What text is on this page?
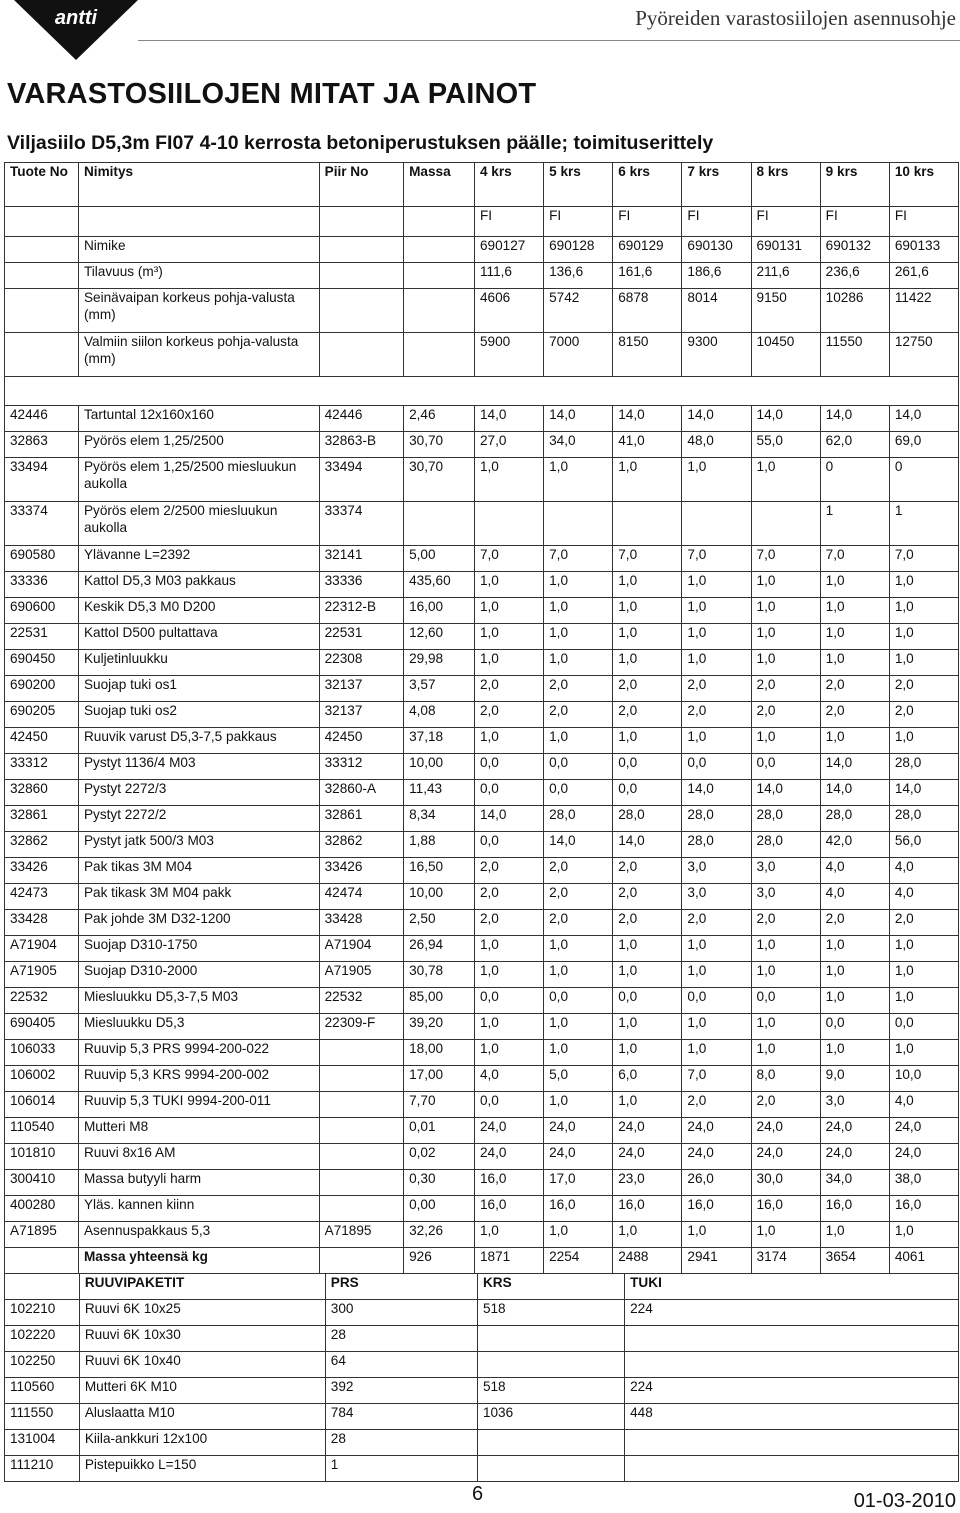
antti	Pyöreiden varastosiilojen asennusohje
VARASTOSIILOJEN MITAT JA PAINOT
Viljasiilo D5,3m FI07 4-10 kerrosta betoniperustuksen päälle; toimituserittely
Tuote No	Nimitys	Piir No	Massa	4 krs	5 krs	6 krs	7 krs	8 krs	9 krs	10 krs
				FI	FI	FI	FI	FI	FI	FI
	Nimike			690127	690128	690129	690130	690131	690132	690133
	Tilavuus (m³)			111,6	136,6	161,6	186,6	211,6	236,6	261,6
	Seinävaipan korkeus pohja-valusta (mm)			4606	5742	6878	8014	9150	10286	11422
	Valmiin siilon korkeus pohja-valusta (mm)			5900	7000	8150	9300	10450	11550	12750

42446	Tartuntal 12x160x160	42446	2,46	14,0	14,0	14,0	14,0	14,0	14,0	14,0
32863	Pyörös elem 1,25/2500	32863-B	30,70	27,0	34,0	41,0	48,0	55,0	62,0	69,0
33494	Pyörös elem 1,25/2500 miesluukun aukolla	33494	30,70	1,0	1,0	1,0	1,0	1,0	0	0
33374	Pyörös elem 2/2500 miesluukun aukolla	33374							1	1
690580	Ylävanne L=2392	32141	5,00	7,0	7,0	7,0	7,0	7,0	7,0	7,0
33336	Kattol D5,3 M03 pakkaus	33336	435,60	1,0	1,0	1,0	1,0	1,0	1,0	1,0
690600	Keskik D5,3 M0 D200	22312-B	16,00	1,0	1,0	1,0	1,0	1,0	1,0	1,0
22531	Kattol D500 pultattava	22531	12,60	1,0	1,0	1,0	1,0	1,0	1,0	1,0
690450	Kuljetinluukku	22308	29,98	1,0	1,0	1,0	1,0	1,0	1,0	1,0
690200	Suojap tuki os1	32137	3,57	2,0	2,0	2,0	2,0	2,0	2,0	2,0
690205	Suojap tuki os2	32137	4,08	2,0	2,0	2,0	2,0	2,0	2,0	2,0
42450	Ruuvik varust D5,3-7,5 pakkaus	42450	37,18	1,0	1,0	1,0	1,0	1,0	1,0	1,0
33312	Pystyt 1136/4 M03	33312	10,00	0,0	0,0	0,0	0,0	0,0	14,0	28,0
32860	Pystyt 2272/3	32860-A	11,43	0,0	0,0	0,0	14,0	14,0	14,0	14,0
32861	Pystyt 2272/2	32861	8,34	14,0	28,0	28,0	28,0	28,0	28,0	28,0
32862	Pystyt jatk 500/3 M03	32862	1,88	0,0	14,0	14,0	28,0	28,0	42,0	56,0
33426	Pak tikas 3M M04	33426	16,50	2,0	2,0	2,0	3,0	3,0	4,0	4,0
42473	Pak tikask 3M M04 pakk	42474	10,00	2,0	2,0	2,0	3,0	3,0	4,0	4,0
33428	Pak johde 3M D32-1200	33428	2,50	2,0	2,0	2,0	2,0	2,0	2,0	2,0
A71904	Suojap D310-1750	A71904	26,94	1,0	1,0	1,0	1,0	1,0	1,0	1,0
A71905	Suojap D310-2000	A71905	30,78	1,0	1,0	1,0	1,0	1,0	1,0	1,0
22532	Miesluukku D5,3-7,5 M03	22532	85,00	0,0	0,0	0,0	0,0	0,0	1,0	1,0
690405	Miesluukku D5,3	22309-F	39,20	1,0	1,0	1,0	1,0	1,0	0,0	0,0
106033	Ruuvip 5,3 PRS 9994-200-022		18,00	1,0	1,0	1,0	1,0	1,0	1,0	1,0
106002	Ruuvip 5,3 KRS 9994-200-002		17,00	4,0	5,0	6,0	7,0	8,0	9,0	10,0
106014	Ruuvip 5,3 TUKI 9994-200-011		7,70	0,0	1,0	1,0	2,0	2,0	3,0	4,0
110540	Mutteri M8		0,01	24,0	24,0	24,0	24,0	24,0	24,0	24,0
101810	Ruuvi 8x16 AM		0,02	24,0	24,0	24,0	24,0	24,0	24,0	24,0
300410	Massa butyyli harm		0,30	16,0	17,0	23,0	26,0	30,0	34,0	38,0
400280	Yläs. kannen kiinn		0,00	16,0	16,0	16,0	16,0	16,0	16,0	16,0
A71895	Asennuspakkaus 5,3	A71895	32,26	1,0	1,0	1,0	1,0	1,0	1,0	1,0
	Massa yhteensä kg		926	1871	2254	2488	2941	3174	3654	4061
	RUUVIPAKETIT	PRS	KRS	TUKI
102210	Ruuvi 6K 10x25	300	518	224
102220	Ruuvi 6K 10x30	28		
102250	Ruuvi 6K 10x40	64		
110560	Mutteri 6K M10	392	518	224
111550	Aluslaatta M10	784	1036	448
131004	Kiila-ankkuri 12x100	28		
111210	Pistepuikko L=150	1		
6	01-03-2010
